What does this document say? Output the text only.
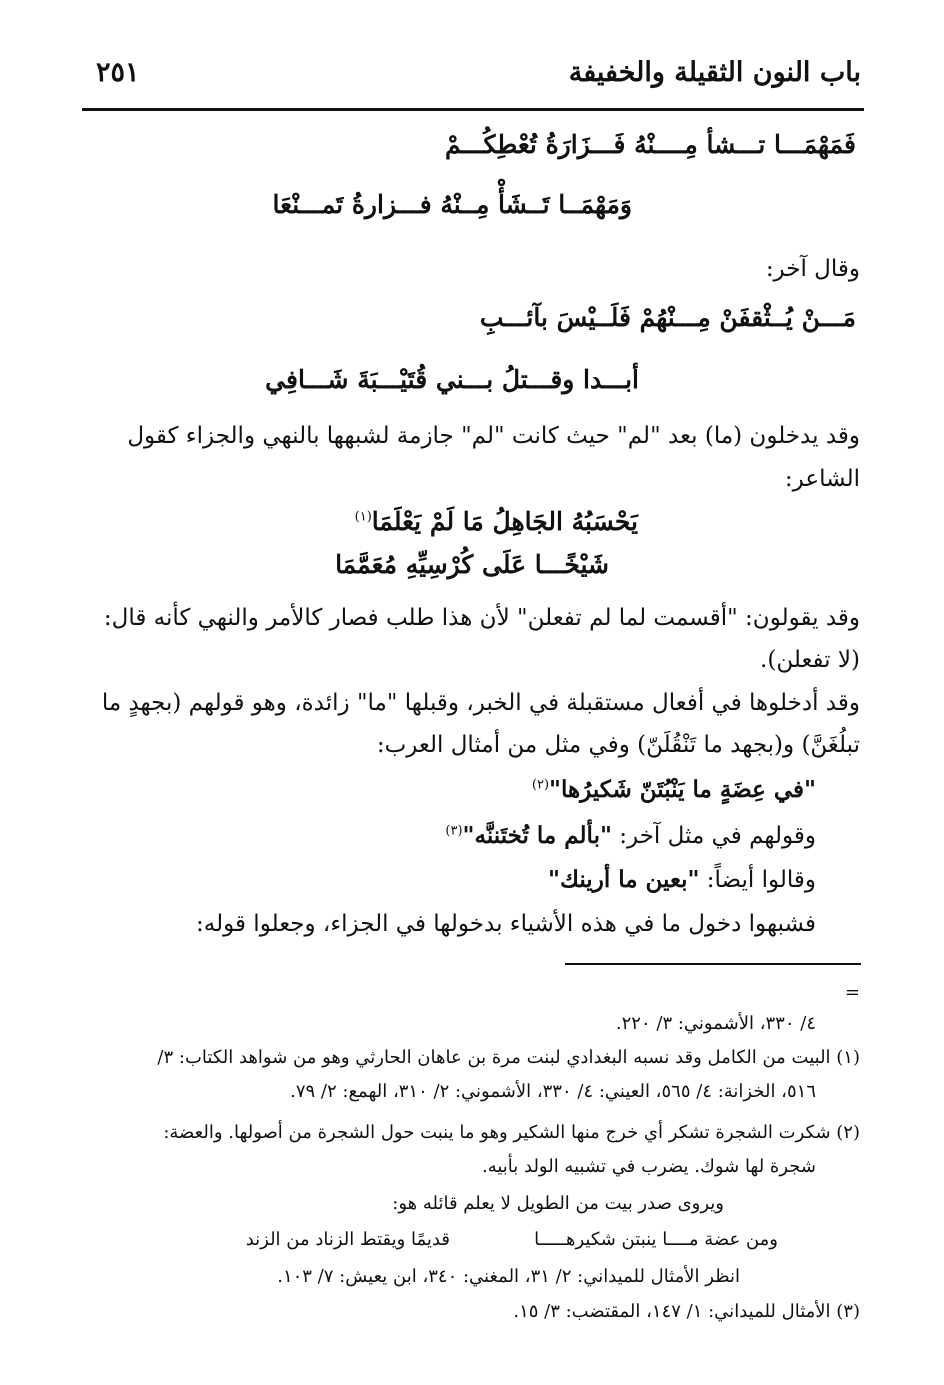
باب النون الثقيلة والخفيفة
٢٥١
فَمَهْمَـــا تـــشأ مِــــنْهُ فَـــزَارَةُ تُعْطِكُـــمْ
وَمَهْمَــا تَــشَأْ مِــنْهُ فـــزارةُ تَمـــنْعَا
وقال آخر:
مَـــنْ يُــثْقفَنْ مِـــنْهُمْ فَلَــيْسَ بآئـــبِ
أبـــدا وقـــتلُ بـــني قُتَيْـــبَةَ شَـــافِي
وقد يدخلون (ما) بعد "لم" حيث كانت "لم" جازمة لشبهها بالنهي والجزاء كقول
الشاعر:
يَحْسَبُهُ الجَاهِلُ مَا لَمْ يَعْلَمَا$^{(١)}$
شَيْخًـــا عَلَى كُرْسِيِّهِ مُعَمَّمَا
وقد يقولون: "أقسمت لما لم تفعلن" لأن هذا طلب فصار كالأمر والنهي كأنه قال:
(لا تفعلن).
وقد أدخلوها في أفعال مستقبلة في الخبر، وقبلها "ما" زائدة، وهو قولهم (بجهدٍ ما
تبلُغَنَّ) و(بجهد ما تَنْقُلَنّ) وفي مثل من أمثال العرب:
"في عِضَةٍ ما يَنْبُتَنّ شَكيرُها"$^{(٢)}$
وقولهم في مثل آخر: "بألم ما تُختَننَّه"$^{(٣)}$
وقالوا أيضاً: "بعين ما أرينك"
فشبهوا دخول ما في هذه الأشياء بدخولها في الجزاء، وجعلوا قوله:
=
٤/ ٣٣٠، الأشموني: ٣/ ٢٢٠.
(١) البيت من الكامل وقد نسبه البغدادي لبنت مرة بن عاهان الحارثي وهو من شواهد الكتاب: ٣/
٥١٦، الخزانة: ٤/ ٥٦٥، العيني: ٤/ ٣٣٠، الأشموني: ٢/ ٣١٠، الهمع: ٢/ ٧٩.
(٢) شكرت الشجرة تشكر أي خرج منها الشكير وهو ما ينبت حول الشجرة من أصولها. والعضة:
شجرة لها شوك. يضرب في تشبيه الولد بأبيه.
ويروى صدر بيت من الطويل لا يعلم قائله هو:
ومن عضة مــــا ينبتن شكيرهـــــا
قديمًا ويقتط الزناد من الزند
انظر الأمثال للميداني: ٢/ ٣١، المغني: ٣٤٠، ابن يعيش: ٧/ ١٠٣.
(٣) الأمثال للميداني: ١/ ١٤٧، المقتضب: ٣/ ١٥.
